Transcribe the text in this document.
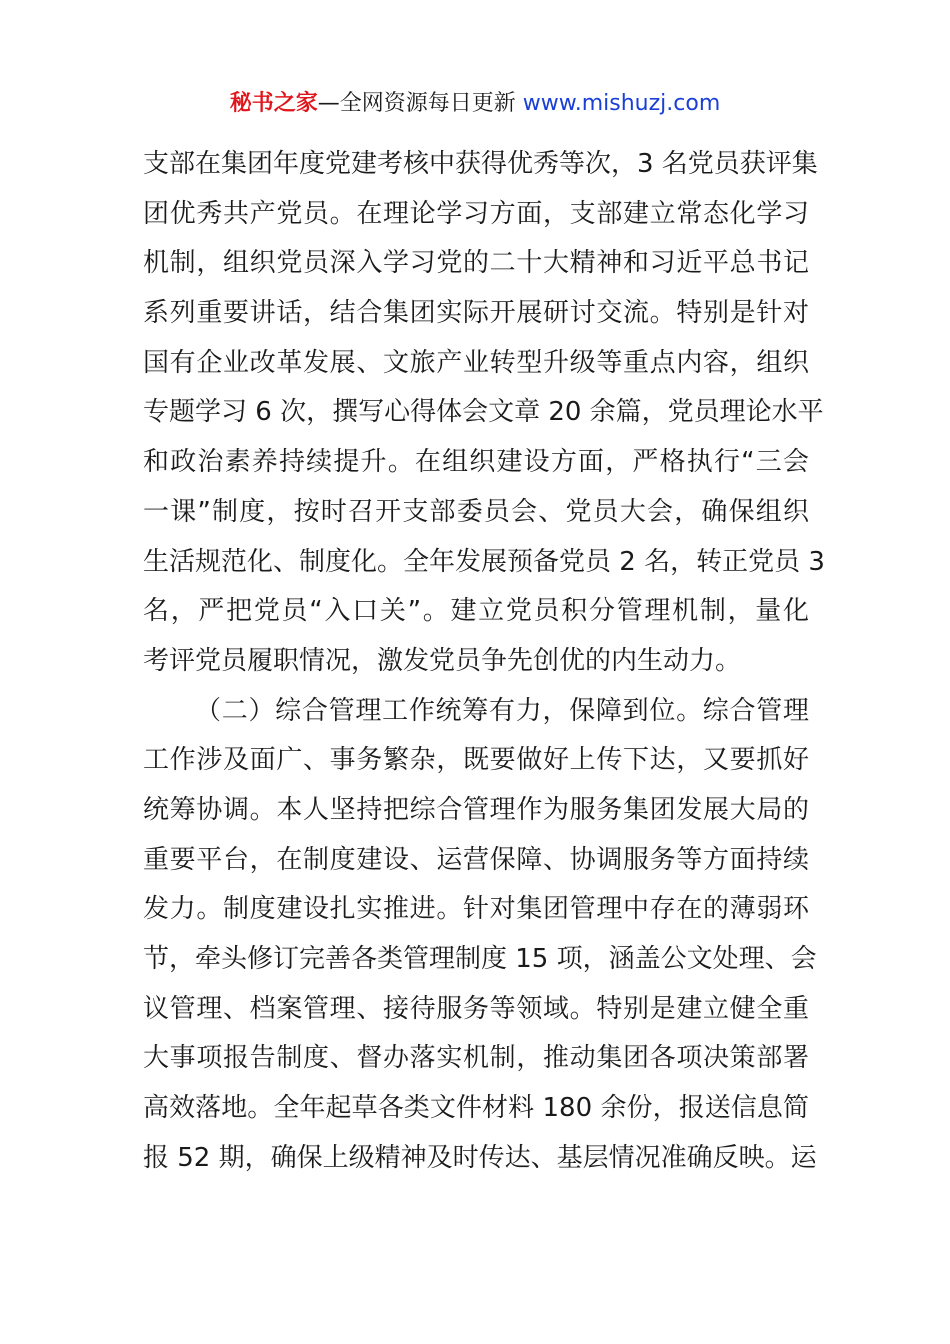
秘书之家—全网资源每日更新 www.mishuzj.com
支部在集团年度党建考核中获得优秀等次，3 名党员获评集
团优秀共产党员。在理论学习方面，支部建立常态化学习
机制，组织党员深入学习党的二十大精神和习近平总书记
系列重要讲话，结合集团实际开展研讨交流。特别是针对
国有企业改革发展、文旅产业转型升级等重点内容，组织
专题学习 6 次，撰写心得体会文章 20 余篇，党员理论水平
和政治素养持续提升。在组织建设方面，严格执行“三会
一课”制度，按时召开支部委员会、党员大会，确保组织
生活规范化、制度化。全年发展预备党员 2 名，转正党员 3
名，严把党员“入口关”。建立党员积分管理机制，量化
考评党员履职情况，激发党员争先创优的内生动力。
（二）综合管理工作统筹有力，保障到位。综合管理
工作涉及面广、事务繁杂，既要做好上传下达，又要抓好
统筹协调。本人坚持把综合管理作为服务集团发展大局的
重要平台，在制度建设、运营保障、协调服务等方面持续
发力。制度建设扎实推进。针对集团管理中存在的薄弱环
节，牵头修订完善各类管理制度 15 项，涵盖公文处理、会
议管理、档案管理、接待服务等领域。特别是建立健全重
大事项报告制度、督办落实机制，推动集团各项决策部署
高效落地。全年起草各类文件材料 180 余份，报送信息简
报 52 期，确保上级精神及时传达、基层情况准确反映。运
